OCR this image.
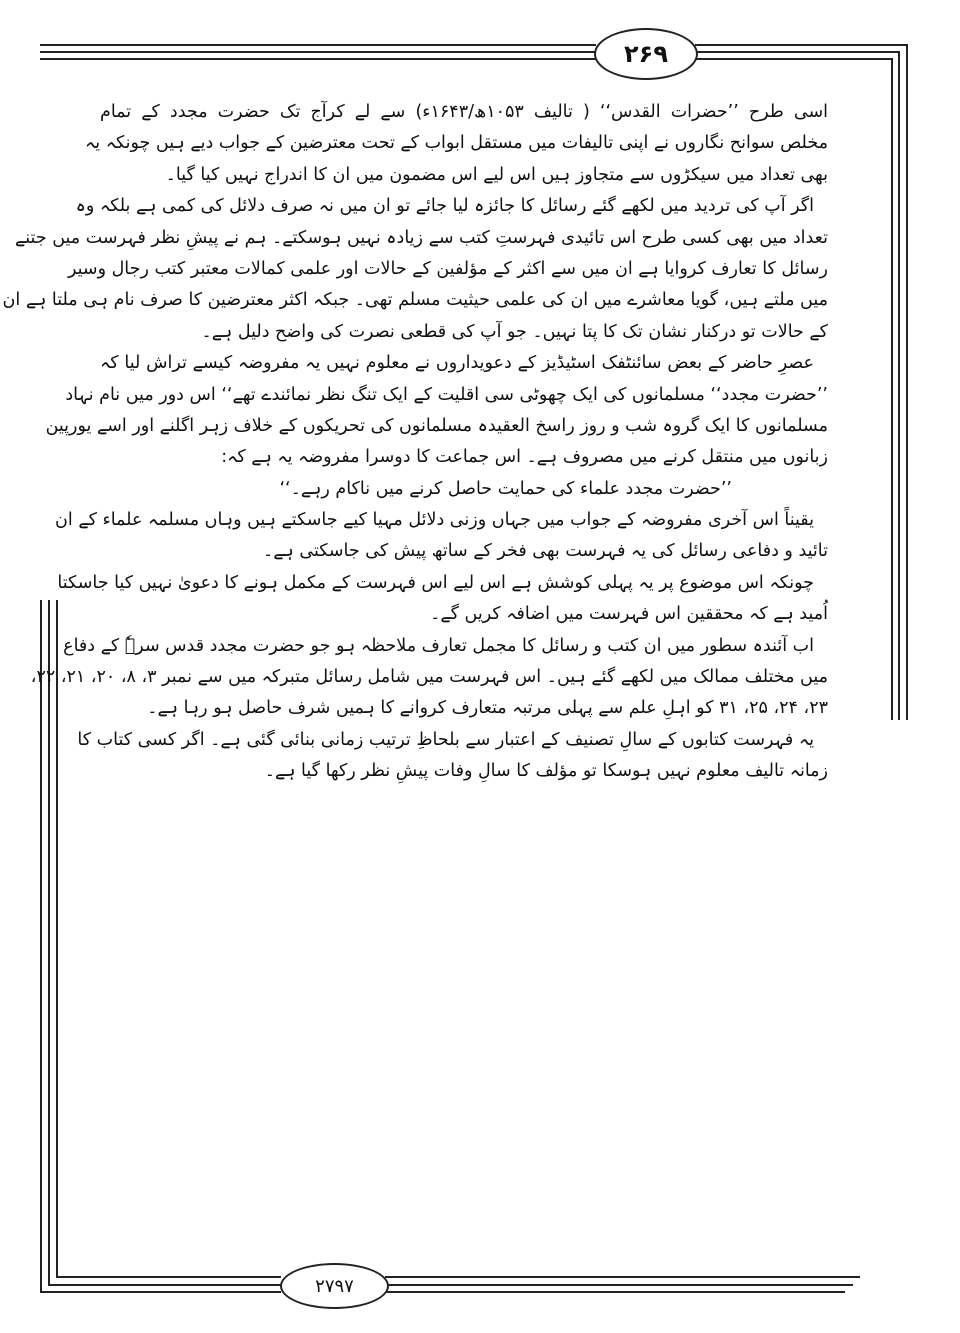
۲۶۹
۲۷۹۷
اسی طرح ’’حضرات القدس‘‘ ( تالیف ۱۰۵۳ھ/۱۶۴۳ء) سے لے کرآج تک حضرت مجدد کے تمام
مخلص سوانح نگاروں نے اپنی تالیفات میں مستقل ابواب کے تحت معترضین کے جواب دیے ہیں چونکہ یہ
بھی تعداد میں سیکڑوں سے متجاوز ہیں اس لیے اس مضمون میں ان کا اندراج نہیں کیا گیا۔
اگر آپ کی تردید میں لکھے گئے رسائل کا جائزہ لیا جائے تو ان میں نہ صرف دلائل کی کمی ہے بلکہ وہ
تعداد میں بھی کسی طرح اس تائیدی فہرستِ کتب سے زیادہ نہیں ہوسکتے۔ ہم نے پیشِ نظر فہرست میں جتنے
رسائل کا تعارف کروایا ہے ان میں سے اکثر کے مؤلفین کے حالات اور علمی کمالات معتبر کتب رجال وسیر
میں ملتے ہیں، گویا معاشرے میں ان کی علمی حیثیت مسلم تھی۔ جبکہ اکثر معترضین کا صرف نام ہی ملتا ہے ان
کے حالات تو درکنار نشان تک کا پتا نہیں۔ جو آپ کی قطعی نصرت کی واضح دلیل ہے۔
عصرِ حاضر کے بعض سائنٹفک اسٹیڈیز کے دعویداروں نے معلوم نہیں یہ مفروضہ کیسے تراش لیا کہ
’’حضرت مجدد‘‘ مسلمانوں کی ایک چھوٹی سی اقلیت کے ایک تنگ نظر نمائندے تھے‘‘ اس دور میں نام نہاد
مسلمانوں کا ایک گروہ شب و روز راسخ العقیدہ مسلمانوں کی تحریکوں کے خلاف زہر اگلنے اور اسے یورپین
زبانوں میں منتقل کرنے میں مصروف ہے۔ اس جماعت کا دوسرا مفروضہ یہ ہے کہ:
’’حضرت مجدد علماء کی حمایت حاصل کرنے میں ناکام رہے۔‘‘
یقیناً اس آخری مفروضہ کے جواب میں جہاں وزنی دلائل مہیا کیے جاسکتے ہیں وہاں مسلمہ علماء کے ان
تائید و دفاعی رسائل کی یہ فہرست بھی فخر کے ساتھ پیش کی جاسکتی ہے۔
چونکہ اس موضوع پر یہ پہلی کوشش ہے اس لیے اس فہرست کے مکمل ہونے کا دعویٰ نہیں کیا جاسکتا
اُمید ہے کہ محققین اس فہرست میں اضافہ کریں گے۔
اب آئندہ سطور میں ان کتب و رسائل کا مجمل تعارف ملاحظہ ہو جو حضرت مجدد قدس سرہٗ کے دفاع
میں مختلف ممالک میں لکھے گئے ہیں۔ اس فہرست میں شامل رسائل متبرکہ میں سے نمبر ۳، ۸، ۲۰، ۲۱، ۲۲،
۲۳، ۲۴، ۲۵، ۳۱ کو اہلِ علم سے پہلی مرتبہ متعارف کروانے کا ہمیں شرف حاصل ہو رہا ہے۔
یہ فہرست کتابوں کے سالِ تصنیف کے اعتبار سے بلحاظِ ترتیب زمانی بنائی گئی ہے۔ اگر کسی کتاب کا
زمانہ تالیف معلوم نہیں ہوسکا تو مؤلف کا سالِ وفات پیشِ نظر رکھا گیا ہے۔
